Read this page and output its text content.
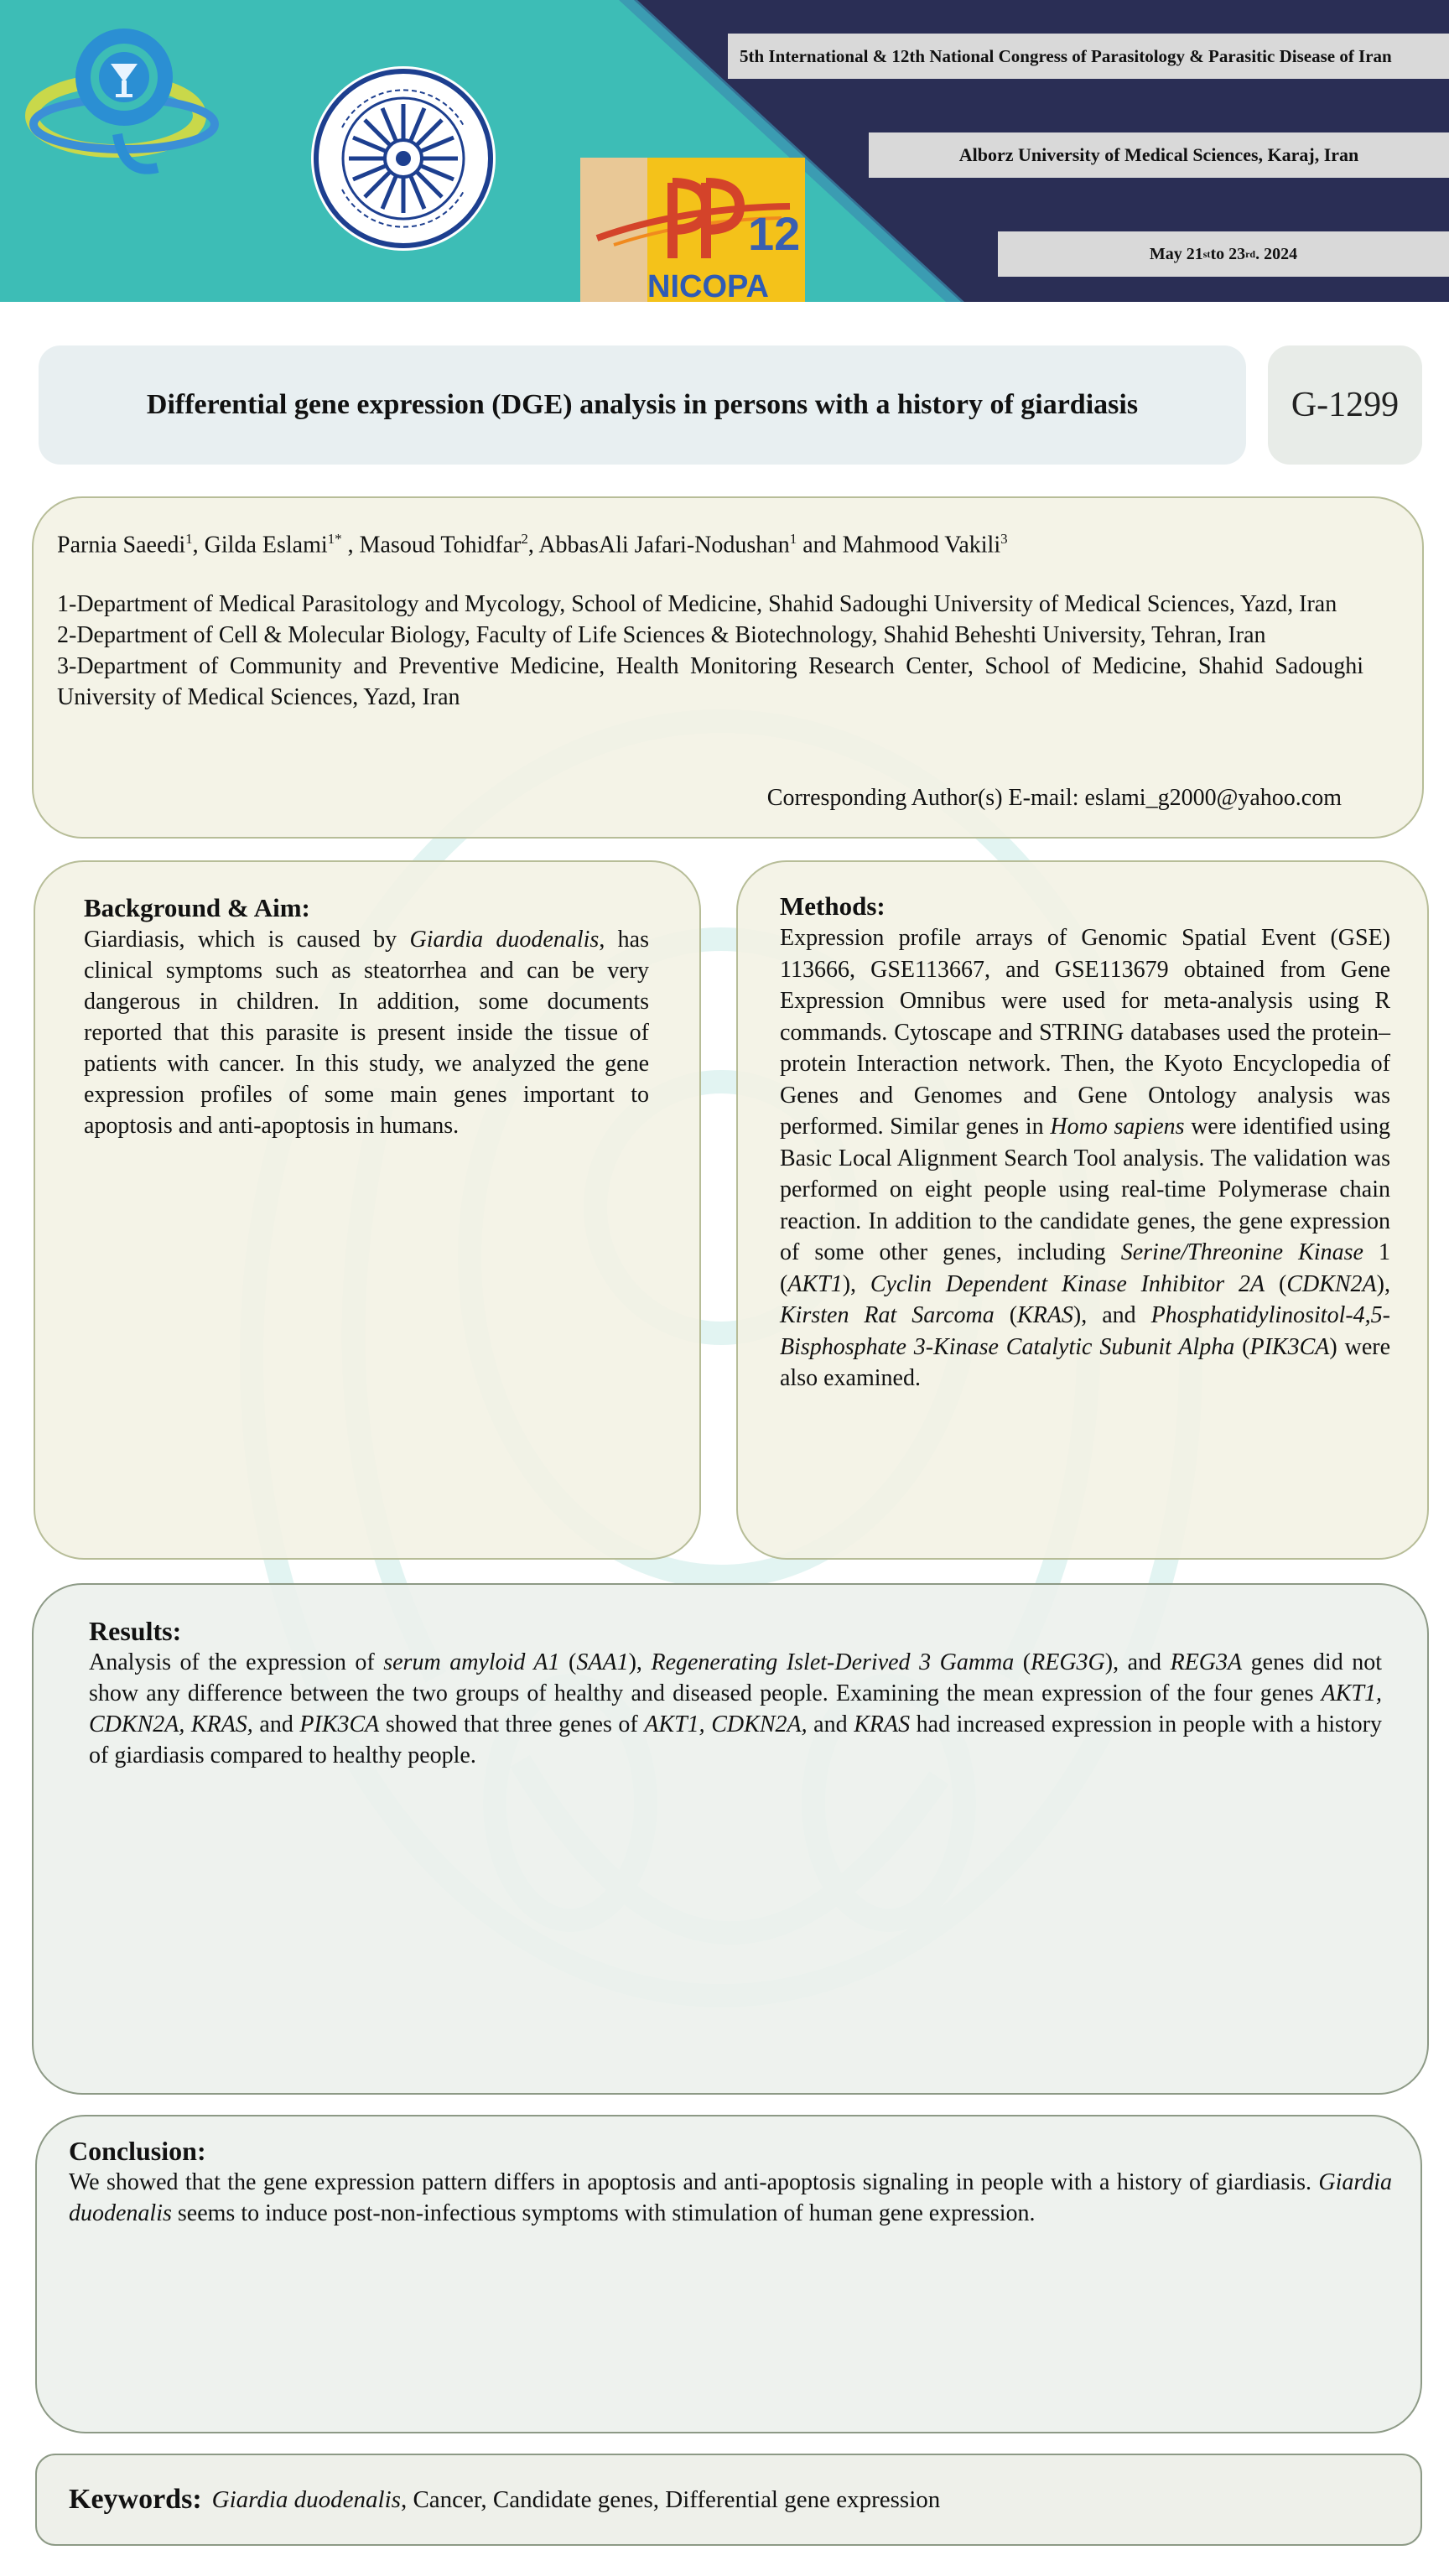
12
NICOPA
5th International & 12th National Congress of Parasitology & Parasitic Disease of Iran
Alborz University of Medical Sciences, Karaj, Iran
May 21 st to 23 rd . 2024
Differential gene expression (DGE) analysis in persons with a history of giardiasis	G-1299

Parnia Saeedi$^1$, Gilda Eslami$^{1*}$ , Masoud Tohidfar$^2$, AbbasAli Jafari-Nodushan$^1$ and Mahmood Vakili$^3$

1-Department of Medical Parasitology and Mycology, School of Medicine, Shahid Sadoughi University of Medical Sciences, Yazd, Iran

2-Department of Cell & Molecular Biology, Faculty of Life Sciences & Biotechnology, Shahid Beheshti University, Tehran, Iran

3-Department of Community and Preventive Medicine, Health Monitoring Research Center, School of Medicine, Shahid Sadoughi University of Medical Sciences, Yazd, Iran

Corresponding Author(s) E-mail: eslami_g2000@yahoo.com

Background & Aim:

Giardiasis, which is caused by Giardia duodenalis, has clinical symptoms such as steatorrhea and can be very dangerous in children. In addition, some documents reported that this parasite is present inside the tissue of patients with cancer. In this study, we analyzed the gene expression profiles of some main genes important to apoptosis and anti-apoptosis in humans.

Methods:

Expression profile arrays of Genomic Spatial Event (GSE) 113666, GSE113667, and GSE113679 obtained from Gene Expression Omnibus were used for meta-analysis using R commands. Cytoscape and STRING databases used the protein–protein Interaction network. Then, the Kyoto Encyclopedia of Genes and Genomes and Gene Ontology analysis was performed. Similar genes in Homo sapiens were identified using Basic Local Alignment Search Tool analysis. The validation was performed on eight people using real-time Polymerase chain reaction. In addition to the candidate genes, the gene expression of some other genes, including Serine/Threonine Kinase 1 (AKT1), Cyclin Dependent Kinase Inhibitor 2A (CDKN2A), Kirsten Rat Sarcoma (KRAS), and Phosphatidylinositol-4,5-Bisphosphate 3-Kinase Catalytic Subunit Alpha (PIK3CA) were also examined.

Results:

Analysis of the expression of serum amyloid A1 (SAA1), Regenerating Islet-Derived 3 Gamma (REG3G), and REG3A genes did not show any difference between the two groups of healthy and diseased people. Examining the mean expression of the four genes AKT1, CDKN2A, KRAS, and PIK3CA showed that three genes of AKT1, CDKN2A, and KRAS had increased expression in people with a history of giardiasis compared to healthy people.

Conclusion:

We showed that the gene expression pattern differs in apoptosis and anti-apoptosis signaling in people with a history of giardiasis. Giardia duodenalis seems to induce post-non-infectious symptoms with stimulation of human gene expression.

Keywords: Giardia duodenalis, Cancer, Candidate genes, Differential gene expression
